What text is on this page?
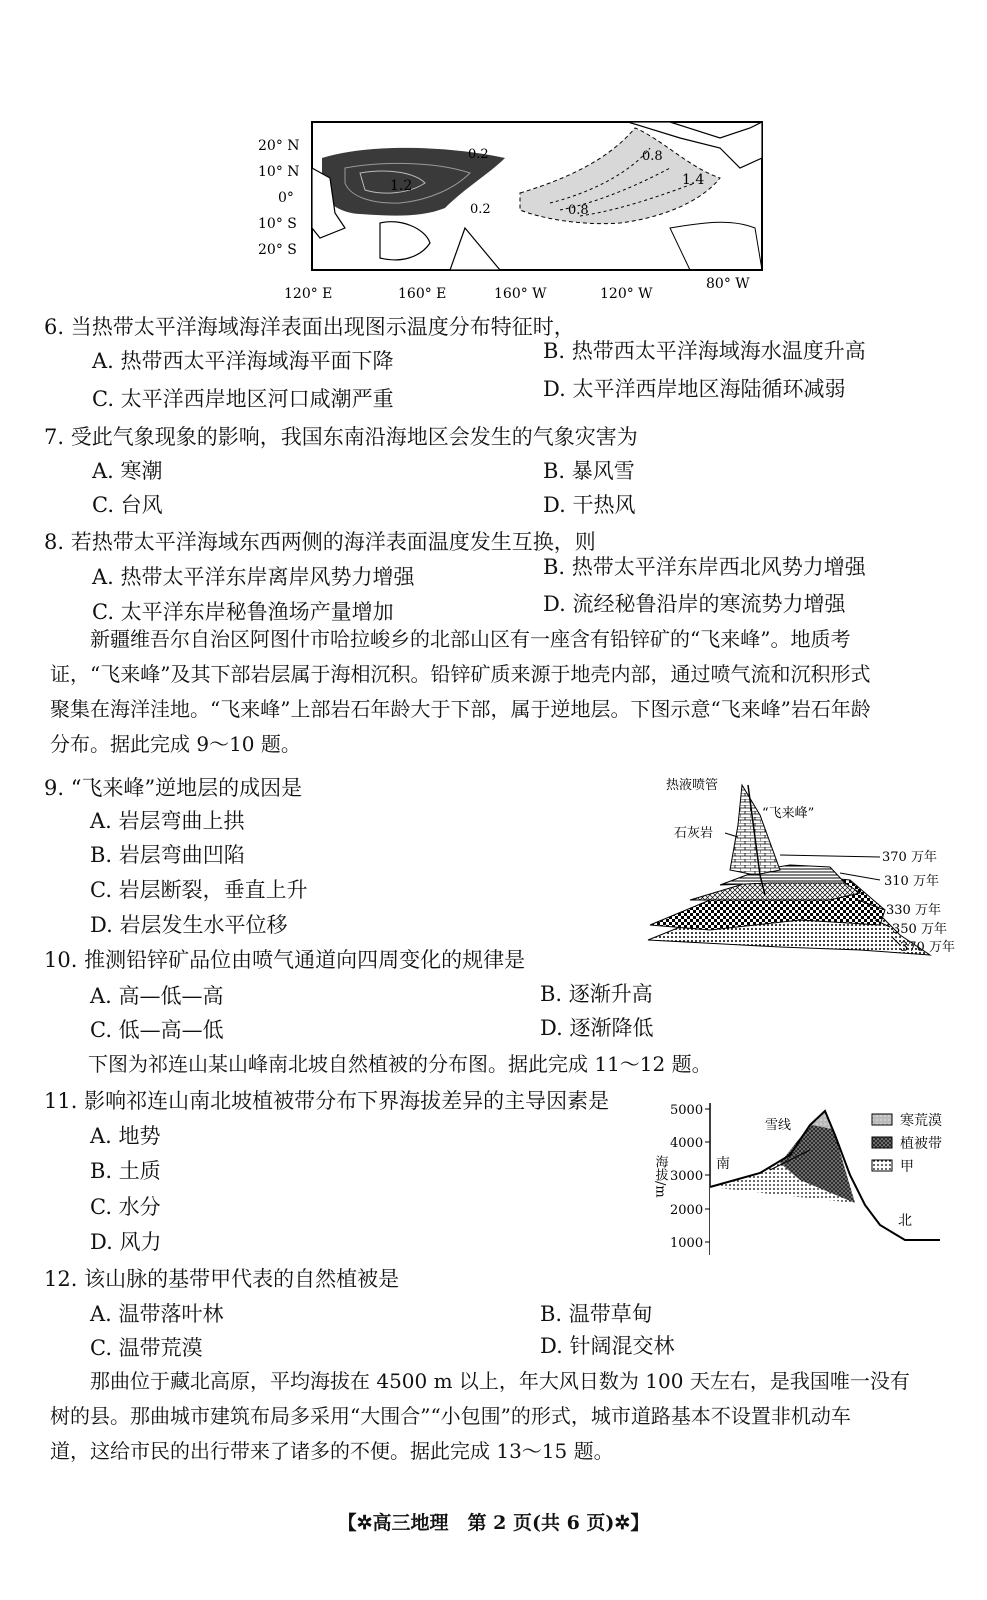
0.2
1.2
0.2
0.8
1.4
0.8
20° N
10° N
0°
10° S
20° S
120° E	160° E	160° W	120° W
80° W
6. 当热带太平洋海域海洋表面出现图示温度分布特征时，
A. 热带西太平洋海域海平面下降	B. 热带西太平洋海域海水温度升高
C. 太平洋西岸地区河口咸潮严重	D. 太平洋西岸地区海陆循环减弱
7. 受此气象现象的影响，我国东南沿海地区会发生的气象灾害为
A. 寒潮	B. 暴风雪
C. 台风	D. 干热风
8. 若热带太平洋海域东西两侧的海洋表面温度发生互换，则
A. 热带太平洋东岸离岸风势力增强	B. 热带太平洋东岸西北风势力增强
C. 太平洋东岸秘鲁渔场产量增加	D. 流经秘鲁沿岸的寒流势力增强
新疆维吾尔自治区阿图什市哈拉峻乡的北部山区有一座含有铅锌矿的“飞来峰”。地质考
证，“飞来峰”及其下部岩层属于海相沉积。铅锌矿质来源于地壳内部，通过喷气流和沉积形式
聚集在海洋洼地。“飞来峰”上部岩石年龄大于下部，属于逆地层。下图示意“飞来峰”岩石年龄
分布。据此完成 9～10 题。
9. “飞来峰”逆地层的成因是
A. 岩层弯曲上拱
B. 岩层弯曲凹陷
C. 岩层断裂，垂直上升
D. 岩层发生水平位移
热液喷管
“飞来峰”
石灰岩
370 万年
310 万年
330 万年
350 万年
370 万年
10. 推测铅锌矿品位由喷气通道向四周变化的规律是
A. 高—低—高	B. 逐渐升高
C. 低—高—低	D. 逐渐降低
下图为祁连山某山峰南北坡自然植被的分布图。据此完成 11～12 题。
11. 影响祁连山南北坡植被带分布下界海拔差异的主导因素是
A. 地势
B. 土质
C. 水分
D. 风力
5000
4000
3000
2000
1000
海拔/m
雪线
南
北
寒荒漠
植被带
甲
12. 该山脉的基带甲代表的自然植被是
A. 温带落叶林	B. 温带草甸
C. 温带荒漠	D. 针阔混交林
那曲位于藏北高原，平均海拔在 4500 m 以上，年大风日数为 100 天左右，是我国唯一没有
树的县。那曲城市建筑布局多采用“大围合”“小包围”的形式，城市道路基本不设置非机动车
道，这给市民的出行带来了诸多的不便。据此完成 13～15 题。
【✲高三地理　第 2 页(共 6 页)✲】
